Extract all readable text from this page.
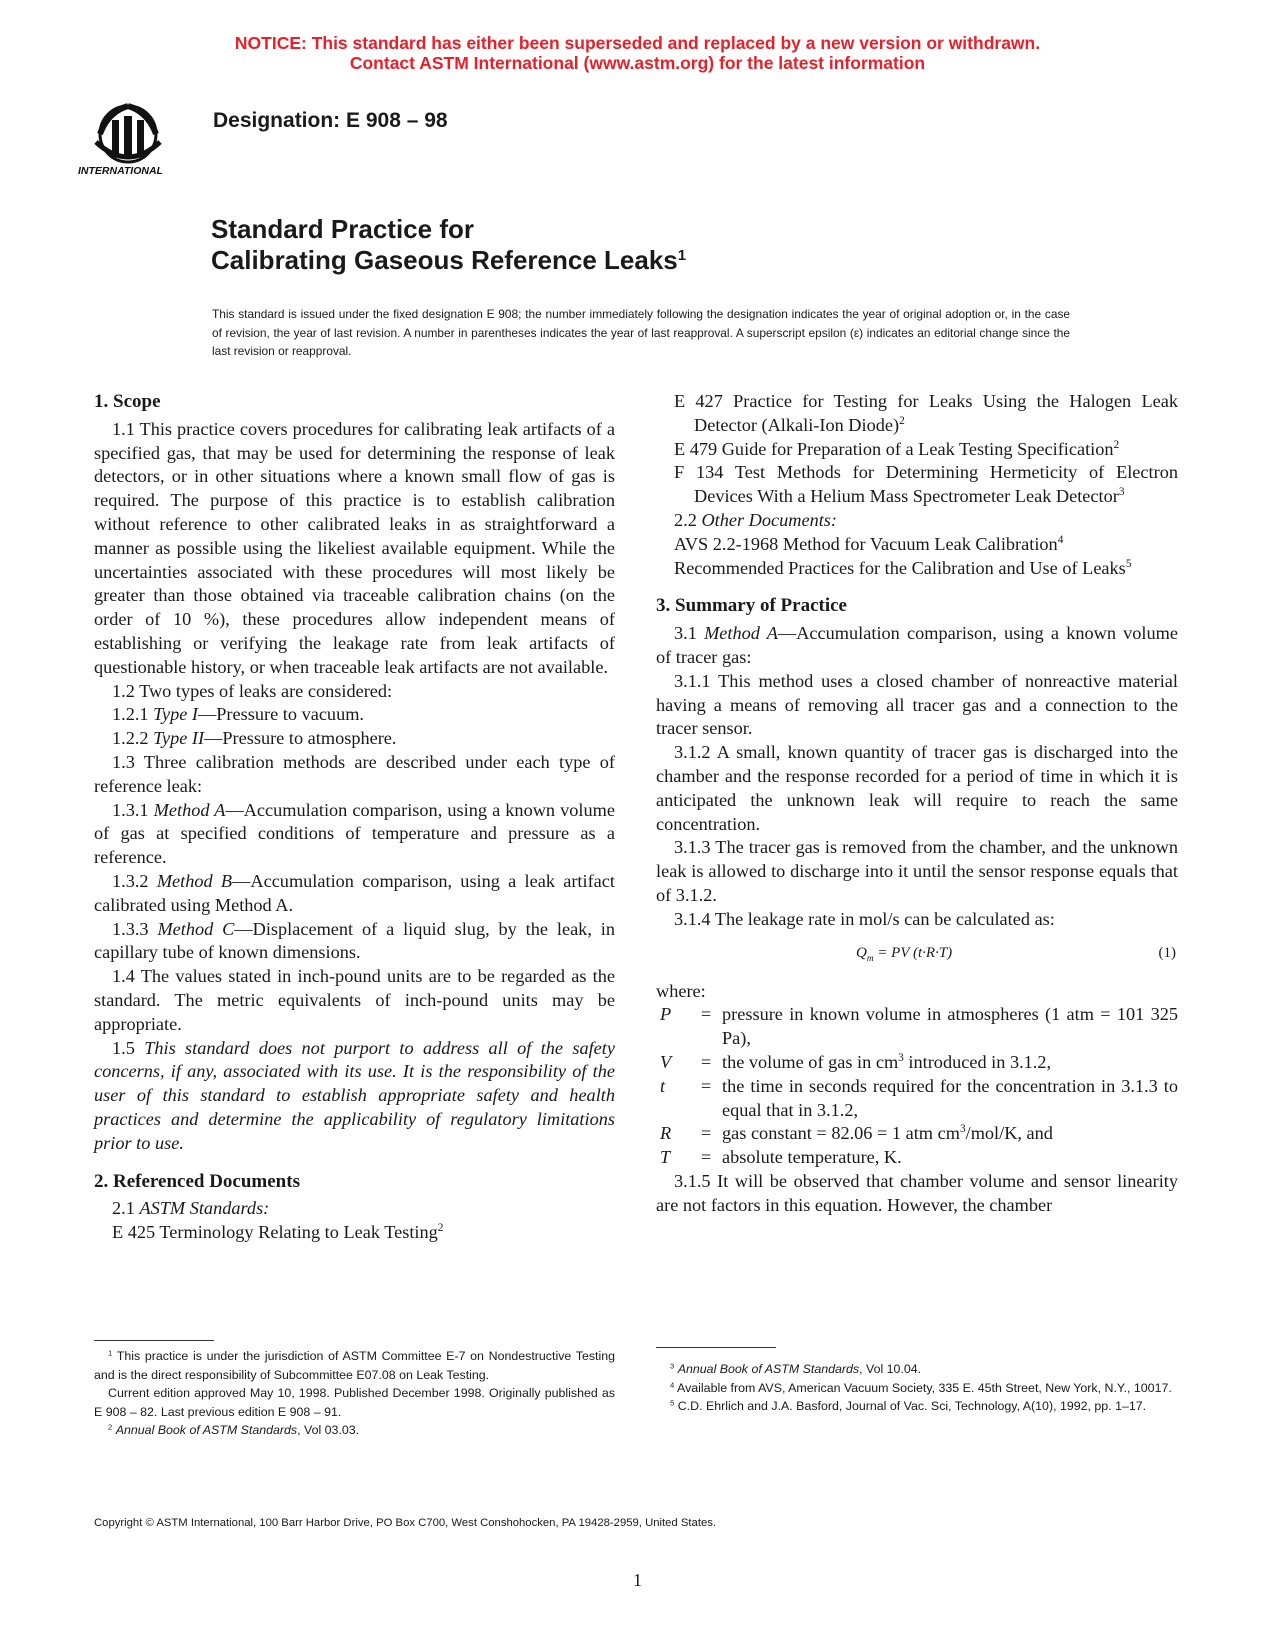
NOTICE: This standard has either been superseded and replaced by a new version or withdrawn.
Contact ASTM International (www.astm.org) for the latest information
INTERNATIONAL
Designation: E 908 – 98
Standard Practice for
Calibrating Gaseous Reference Leaks$^1$
This standard is issued under the fixed designation E 908; the number immediately following the designation indicates the year of original adoption or, in the case of revision, the year of last revision. A number in parentheses indicates the year of last reapproval. A superscript epsilon (ε) indicates an editorial change since the last revision or reapproval.

1. Scope

1.1 This practice covers procedures for calibrating leak artifacts of a specified gas, that may be used for determining the response of leak detectors, or in other situations where a known small flow of gas is required. The purpose of this practice is to establish calibration without reference to other calibrated leaks in as straightforward a manner as possible using the likeliest available equipment. While the uncertainties associated with these procedures will most likely be greater than those obtained via traceable calibration chains (on the order of 10 %), these procedures allow independent means of establishing or verifying the leakage rate from leak artifacts of questionable history, or when traceable leak artifacts are not available.

1.2 Two types of leaks are considered:

1.2.1 Type I—Pressure to vacuum.

1.2.2 Type II—Pressure to atmosphere.

1.3 Three calibration methods are described under each type of reference leak:

1.3.1 Method A—Accumulation comparison, using a known volume of gas at specified conditions of temperature and pressure as a reference.

1.3.2 Method B—Accumulation comparison, using a leak artifact calibrated using Method A.

1.3.3 Method C—Displacement of a liquid slug, by the leak, in capillary tube of known dimensions.

1.4 The values stated in inch-pound units are to be regarded as the standard. The metric equivalents of inch-pound units may be appropriate.

1.5 This standard does not purport to address all of the safety concerns, if any, associated with its use. It is the responsibility of the user of this standard to establish appropriate safety and health practices and determine the applicability of regulatory limitations prior to use.

2. Referenced Documents

2.1 ASTM Standards:

E 425 Terminology Relating to Leak Testing$^2$

E 427 Practice for Testing for Leaks Using the Halogen Leak Detector (Alkali-Ion Diode)$^2$

E 479 Guide for Preparation of a Leak Testing Specification$^2$

F 134 Test Methods for Determining Hermeticity of Electron Devices With a Helium Mass Spectrometer Leak Detector$^3$

2.2 Other Documents:

AVS 2.2-1968 Method for Vacuum Leak Calibration$^4$

Recommended Practices for the Calibration and Use of Leaks$^5$

3. Summary of Practice

3.1 Method A—Accumulation comparison, using a known volume of tracer gas:

3.1.1 This method uses a closed chamber of nonreactive material having a means of removing all tracer gas and a connection to the tracer sensor.

3.1.2 A small, known quantity of tracer gas is discharged into the chamber and the response recorded for a period of time in which it is anticipated the unknown leak will require to reach the same concentration.

3.1.3 The tracer gas is removed from the chamber, and the unknown leak is allowed to discharge into it until the sensor response equals that of 3.1.2.

3.1.4 The leakage rate in mol/s can be calculated as:

$Q_m$ = PV (t·R·T)	(1)

where:

P	= pressure in known volume in atmospheres (1 atm = 101 325 Pa),
V	= the volume of gas in $cm^3$ introduced in 3.1.2,
t	= the time in seconds required for the concentration in 3.1.3 to equal that in 3.1.2,
R	= gas constant = 82.06 = 1 atm $cm^3/mol/K$, and
T	= absolute temperature, K.

3.1.5 It will be observed that chamber volume and sensor linearity are not factors in this equation. However, the chamber

$^1$ This practice is under the jurisdiction of ASTM Committee E-7 on Nondestructive Testing and is the direct responsibility of Subcommittee E07.08 on Leak Testing.

Current edition approved May 10, 1998. Published December 1998. Originally published as E 908 – 82. Last previous edition E 908 – 91.

$^2$ Annual Book of ASTM Standards, Vol 03.03.

$^3$ Annual Book of ASTM Standards, Vol 10.04.

$^4$ Available from AVS, American Vacuum Society, 335 E. 45th Street, New York, N.Y., 10017.

$^5$ C.D. Ehrlich and J.A. Basford, Journal of Vac. Sci, Technology, A(10), 1992, pp. 1–17.

Copyright © ASTM International, 100 Barr Harbor Drive, PO Box C700, West Conshohocken, PA 19428-2959, United States.
1
